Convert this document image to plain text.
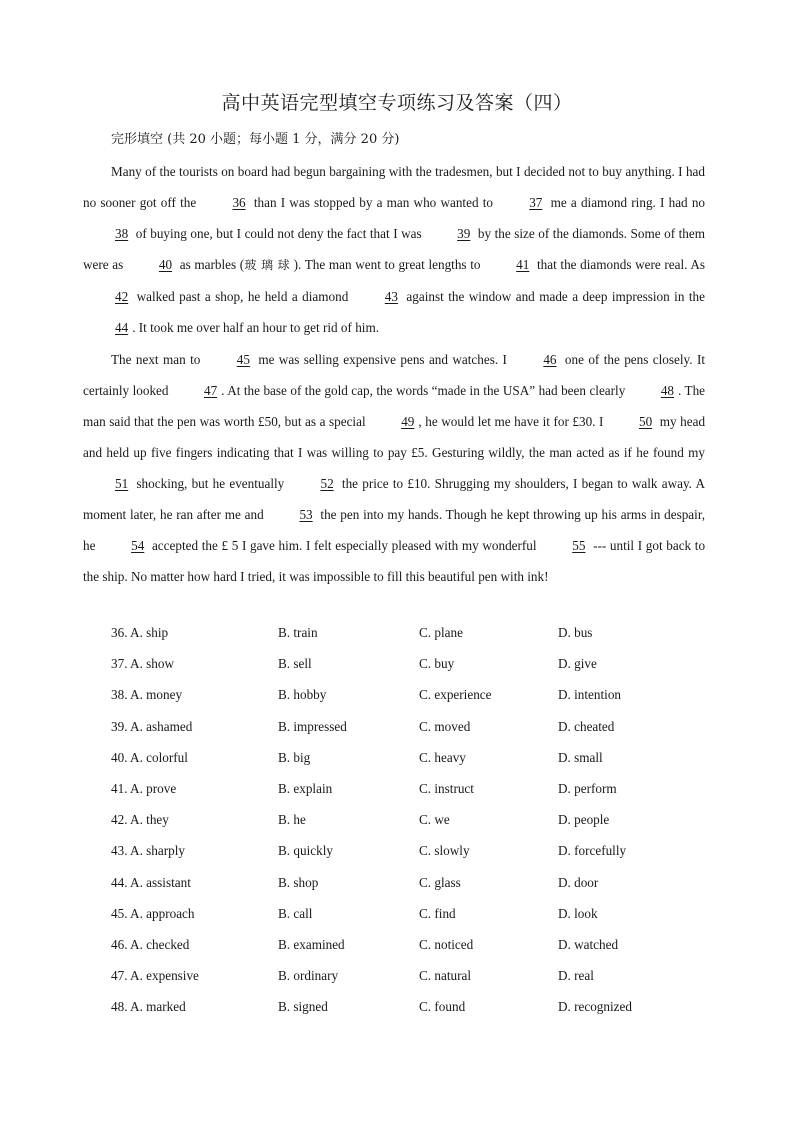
高中英语完型填空专项练习及答案（四）
完形填空 (共 20 小题；每小题 1 分，满分 20 分)

Many of the tourists on board had begun bargaining with the tradesmen, but I decided not to buy anything. I had no sooner got off the	36 than I was stopped by a man who wanted to	37 me a diamond ring. I had no 38 of buying one, but I could not deny the fact that I was	39 by the size of the diamonds. Some of them were as	40 as marbles (玻 璃 球 ). The man went to great lengths to	41 that the diamonds were real. As 42 walked past a shop, he held a diamond	43 against the window and made a deep impression in the 44 . It took me over half an hour to get rid of him.

The next man to	45 me was selling expensive pens and watches. I	46 one of the pens closely. It certainly looked	47 . At the base of the gold cap, the words “made in the USA” had been clearly	48 . The man said that the pen was worth £50, but as a special	49 , he would let me have it for £30. I	50 my head and held up five fingers indicating that I was willing to pay £5. Gesturing wildly, the man acted as if he found my 51 shocking, but he eventually	52 the price to £10. Shrugging my shoulders, I began to walk away. A moment later, he ran after me and	53 the pen into my hands. Though he kept throwing up his arms in despair, he	54 accepted the £ 5 I gave him. I felt especially pleased with my wonderful	55 --- until I got back to the ship. No matter how hard I tried, it was impossible to fill this beautiful pen with ink!

36. A. ship	B. train	C. plane	D. bus
37. A. show	B. sell	C. buy	D. give
38. A. money	B. hobby	C. experience	D. intention
39. A. ashamed	B. impressed	C. moved	D. cheated
40. A. colorful	B. big	C. heavy	D. small
41. A. prove	B. explain	C. instruct	D. perform
42. A. they	B. he	C. we	D. people
43. A. sharply	B. quickly	C. slowly	D. forcefully
44. A. assistant	B. shop	C. glass	D. door
45. A. approach	B. call	C. find	D. look
46. A. checked	B. examined	C. noticed	D. watched
47. A. expensive	B. ordinary	C. natural	D. real
48. A. marked	B. signed	C. found	D. recognized
